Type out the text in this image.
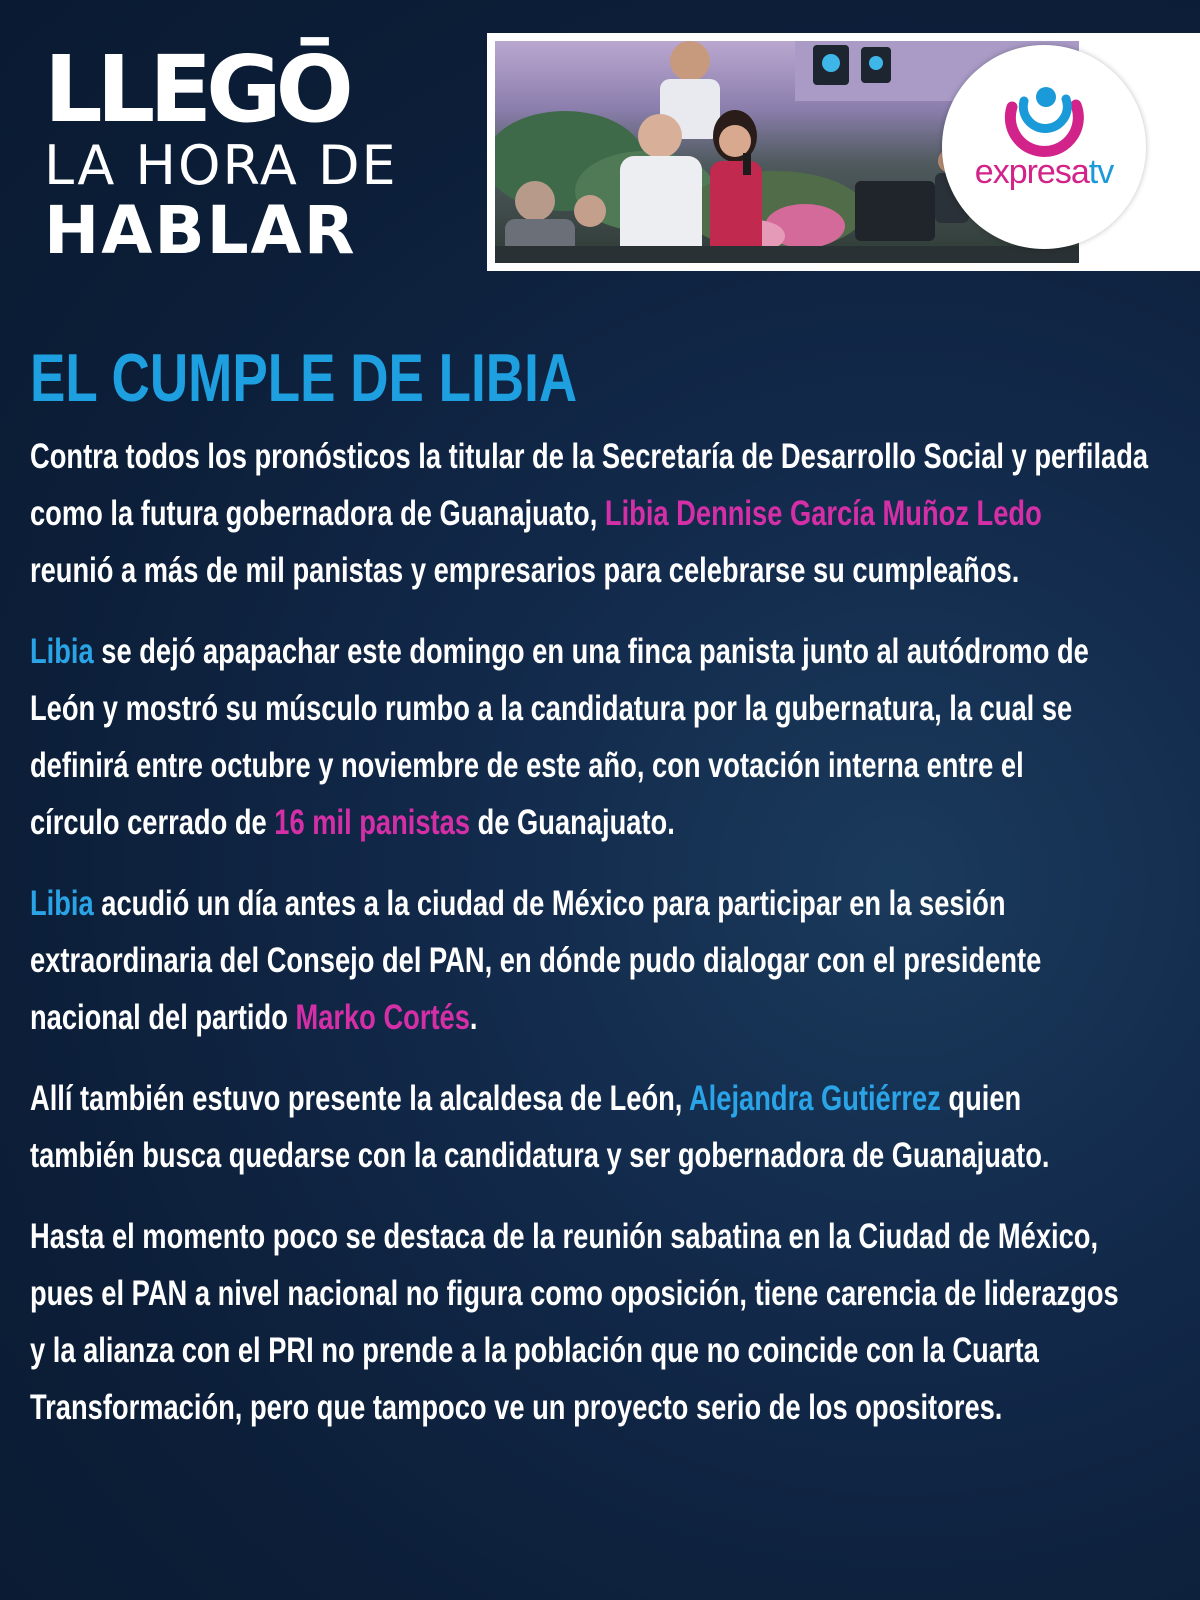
LLEGŌ
LA HORA DE
HABLAR
expresatv
EL CUMPLE DE LIBIA

Contra todos los pronósticos la titular de la Secretaría de Desarrollo Social y perfilada
como la futura gobernadora de Guanajuato, Libia Dennise García Muñoz Ledo
reunió a más de mil panistas y empresarios para celebrarse su cumpleaños.

Libia se dejó apapachar este domingo en una finca panista junto al autódromo de
León y mostró su músculo rumbo a la candidatura por la gubernatura, la cual se
definirá entre octubre y noviembre de este año, con votación interna entre el
círculo cerrado de 16 mil panistas de Guanajuato.

Libia acudió un día antes a la ciudad de México para participar en la sesión
extraordinaria del Consejo del PAN, en dónde pudo dialogar con el presidente
nacional del partido Marko Cortés.

Allí también estuvo presente la alcaldesa de León, Alejandra Gutiérrez quien
también busca quedarse con la candidatura y ser gobernadora de Guanajuato.

Hasta el momento poco se destaca de la reunión sabatina en la Ciudad de México,
pues el PAN a nivel nacional no figura como oposición, tiene carencia de liderazgos
y la alianza con el PRI no prende a la población que no coincide con la Cuarta
Transformación, pero que tampoco ve un proyecto serio de los opositores.
